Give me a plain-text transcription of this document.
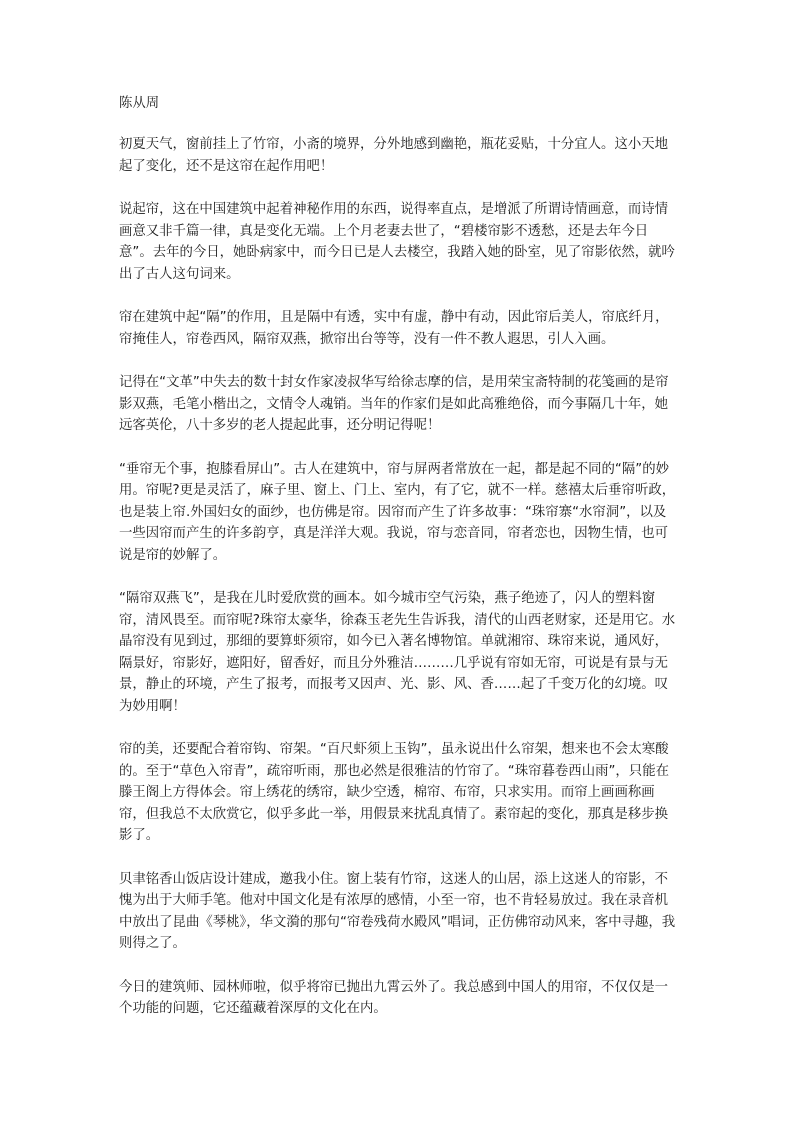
陈从周

初夏天气，窗前挂上了竹帘，小斋的境界，分外地感到幽艳，瓶花妥贴，十分宜人。这小天地起了变化，还不是这帘在起作用吧！

说起帘，这在中国建筑中起着神秘作用的东西，说得率直点，是增派了所谓诗情画意，而诗情画意又非千篇一律，真是变化无端。上个月老妻去世了，“碧楼帘影不透愁，还是去年今日意”。去年的今日，她卧病家中，而今日已是人去楼空，我踏入她的卧室，见了帘影依然，就吟出了古人这句词来。

帘在建筑中起“隔”的作用，且是隔中有透，实中有虚，静中有动，因此帘后美人，帘底纤月，帘掩佳人，帘卷西风，隔帘双燕，掀帘出台等等，没有一件不教人遐思，引人入画。

记得在“文革”中失去的数十封女作家凌叔华写给徐志摩的信，是用荣宝斋特制的花笺画的是帘影双燕，毛笔小楷出之，文情令人魂销。当年的作家们是如此高雅绝俗，而今事隔几十年，她远客英伦，八十多岁的老人提起此事，还分明记得呢！

“垂帘无个事，抱膝看屏山”。古人在建筑中，帘与屏两者常放在一起，都是起不同的“隔”的妙用。帘呢?更是灵活了，麻子里、窗上、门上、室内，有了它，就不一样。慈禧太后垂帘听政，也是装上帘.外国妇女的面纱，也仿佛是帘。因帘而产生了许多故事：“珠帘寨“水帘洞”，以及一些因帘而产生的许多韵亨，真是洋洋大观。我说，帘与恋音同，帘者恋也，因物生情，也可说是帘的妙解了。

“隔帘双燕飞”，是我在儿时爱欣赏的画本。如今城市空气污染，燕子绝迹了，闪人的塑料窗帘，清风畏至。而帘呢?珠帘太豪华，徐森玉老先生告诉我，清代的山西老财家，还是用它。水晶帘没有见到过，那细的要算虾须帘，如今已入著名博物馆。单就湘帘、珠帘来说，通风好，隔景好，帘影好，遮阳好，留香好，而且分外雅洁………几乎说有帘如无帘，可说是有景与无景，静止的环境，产生了报考，而报考又因声、光、影、风、香……起了千变万化的幻境。叹为妙用啊！

帘的美，还要配合着帘钩、帘架。“百尺虾须上玉钩”，虽永说出什么帘架，想来也不会太寒酸的。至于“草色入帘青”，疏帘听雨，那也必然是很雅洁的竹帘了。“珠帘暮卷西山雨”，只能在滕王阁上方得体会。帘上绣花的绣帘，缺少空透，棉帘、布帘，只求实用。而帘上画画称画帘，但我总不太欣赏它，似乎多此一举，用假景来扰乱真情了。素帘起的变化，那真是移步换影了。

贝聿铭香山饭店设计建成，邀我小住。窗上装有竹帘，这迷人的山居，添上这迷人的帘影，不愧为出于大师手笔。他对中国文化是有浓厚的感情，小至一帘，也不肯轻易放过。我在录音机中放出了昆曲《琴桃》，华文漪的那句“帘卷残荷水殿风”唱词，正仿佛帘动风来，客中寻趣，我则得之了。

今日的建筑师、园林师啦，似乎将帘已抛出九霄云外了。我总感到中国人的用帘，不仅仅是一个功能的问题，它还蕴藏着深厚的文化在内。
